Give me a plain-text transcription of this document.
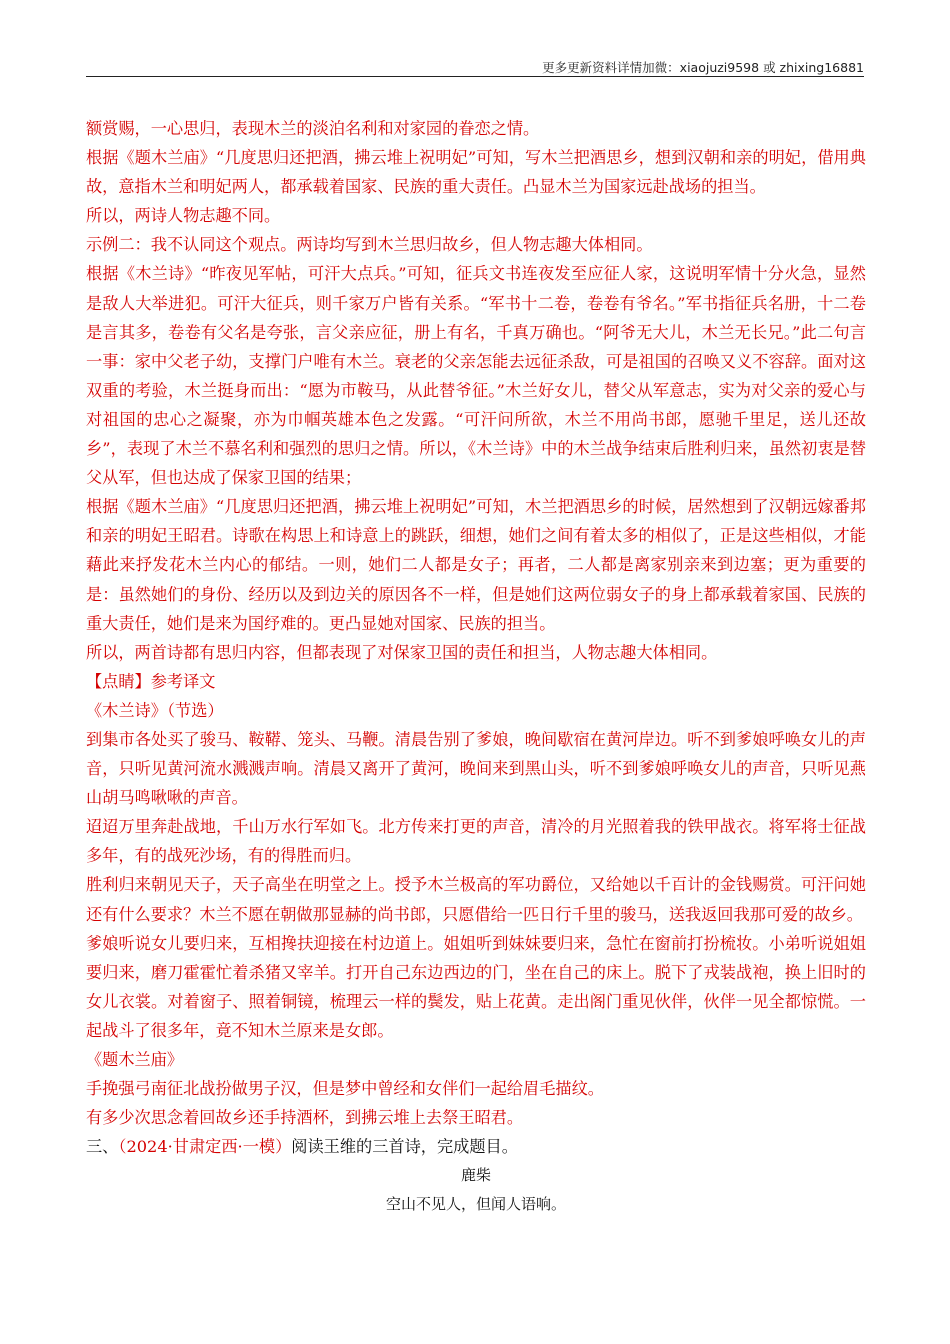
更多更新资料详情加微：xiaojuzi9598 或 zhixing16881

额赏赐，一心思归，表现木兰的淡泊名利和对家园的眷恋之情。

根据《题木兰庙》“几度思归还把酒，拂云堆上祝明妃”可知，写木兰把酒思乡，想到汉朝和亲的明妃，借用典故，意指木兰和明妃两人，都承载着国家、民族的重大责任。凸显木兰为国家远赴战场的担当。

所以，两诗人物志趣不同。

示例二：我不认同这个观点。两诗均写到木兰思归故乡，但人物志趣大体相同。

根据《木兰诗》“昨夜见军帖，可汗大点兵。”可知，征兵文书连夜发至应征人家，这说明军情十分火急，显然是敌人大举进犯。可汗大征兵，则千家万户皆有关系。“军书十二卷，卷卷有爷名。”军书指征兵名册，十二卷是言其多，卷卷有父名是夸张，言父亲应征，册上有名，千真万确也。“阿爷无大儿，木兰无长兄。”此二句言一事：家中父老子幼，支撑门户唯有木兰。衰老的父亲怎能去远征杀敌，可是祖国的召唤又义不容辞。面对这双重的考验，木兰挺身而出：“愿为市鞍马，从此替爷征。”木兰好女儿，替父从军意志，实为对父亲的爱心与对祖国的忠心之凝聚，亦为巾帼英雄本色之发露。“可汗问所欲，木兰不用尚书郎，愿驰千里足，送儿还故乡”，表现了木兰不慕名利和强烈的思归之情。所以，《木兰诗》中的木兰战争结束后胜利归来，虽然初衷是替父从军，但也达成了保家卫国的结果；

根据《题木兰庙》“几度思归还把酒，拂云堆上祝明妃”可知，木兰把酒思乡的时候，居然想到了汉朝远嫁番邦和亲的明妃王昭君。诗歌在构思上和诗意上的跳跃，细想，她们之间有着太多的相似了，正是这些相似，才能藉此来抒发花木兰内心的郁结。一则，她们二人都是女子；再者，二人都是离家别亲来到边塞；更为重要的是：虽然她们的身份、经历以及到边关的原因各不一样，但是她们这两位弱女子的身上都承载着家国、民族的重大责任，她们是来为国纾难的。更凸显她对国家、民族的担当。

所以，两首诗都有思归内容，但都表现了对保家卫国的责任和担当，人物志趣大体相同。

【点睛】参考译文

《木兰诗》（节选）

到集市各处买了骏马、鞍鞯、笼头、马鞭。清晨告别了爹娘，晚间歇宿在黄河岸边。听不到爹娘呼唤女儿的声音，只听见黄河流水溅溅声响。清晨又离开了黄河，晚间来到黑山头，听不到爹娘呼唤女儿的声音，只听见燕山胡马鸣啾啾的声音。

迢迢万里奔赴战地，千山万水行军如飞。北方传来打更的声音，清冷的月光照着我的铁甲战衣。将军将士征战多年，有的战死沙场，有的得胜而归。

胜利归来朝见天子，天子高坐在明堂之上。授予木兰极高的军功爵位，又给她以千百计的金钱赐赏。可汗问她还有什么要求？木兰不愿在朝做那显赫的尚书郎，只愿借给一匹日行千里的骏马，送我返回我那可爱的故乡。

爹娘听说女儿要归来，互相搀扶迎接在村边道上。姐姐听到妹妹要归来，急忙在窗前打扮梳妆。小弟听说姐姐要归来，磨刀霍霍忙着杀猪又宰羊。打开自己东边西边的门，坐在自己的床上。脱下了戎装战袍，换上旧时的女儿衣裳。对着窗子、照着铜镜，梳理云一样的鬓发，贴上花黄。走出阁门重见伙伴，伙伴一见全都惊慌。一起战斗了很多年，竟不知木兰原来是女郎。

《题木兰庙》

手挽强弓南征北战扮做男子汉，但是梦中曾经和女伴们一起给眉毛描纹。

有多少次思念着回故乡还手持酒杯，到拂云堆上去祭王昭君。

三、（2024·甘肃定西·一模）阅读王维的三首诗，完成题目。

鹿柴

空山不见人，但闻人语响。
